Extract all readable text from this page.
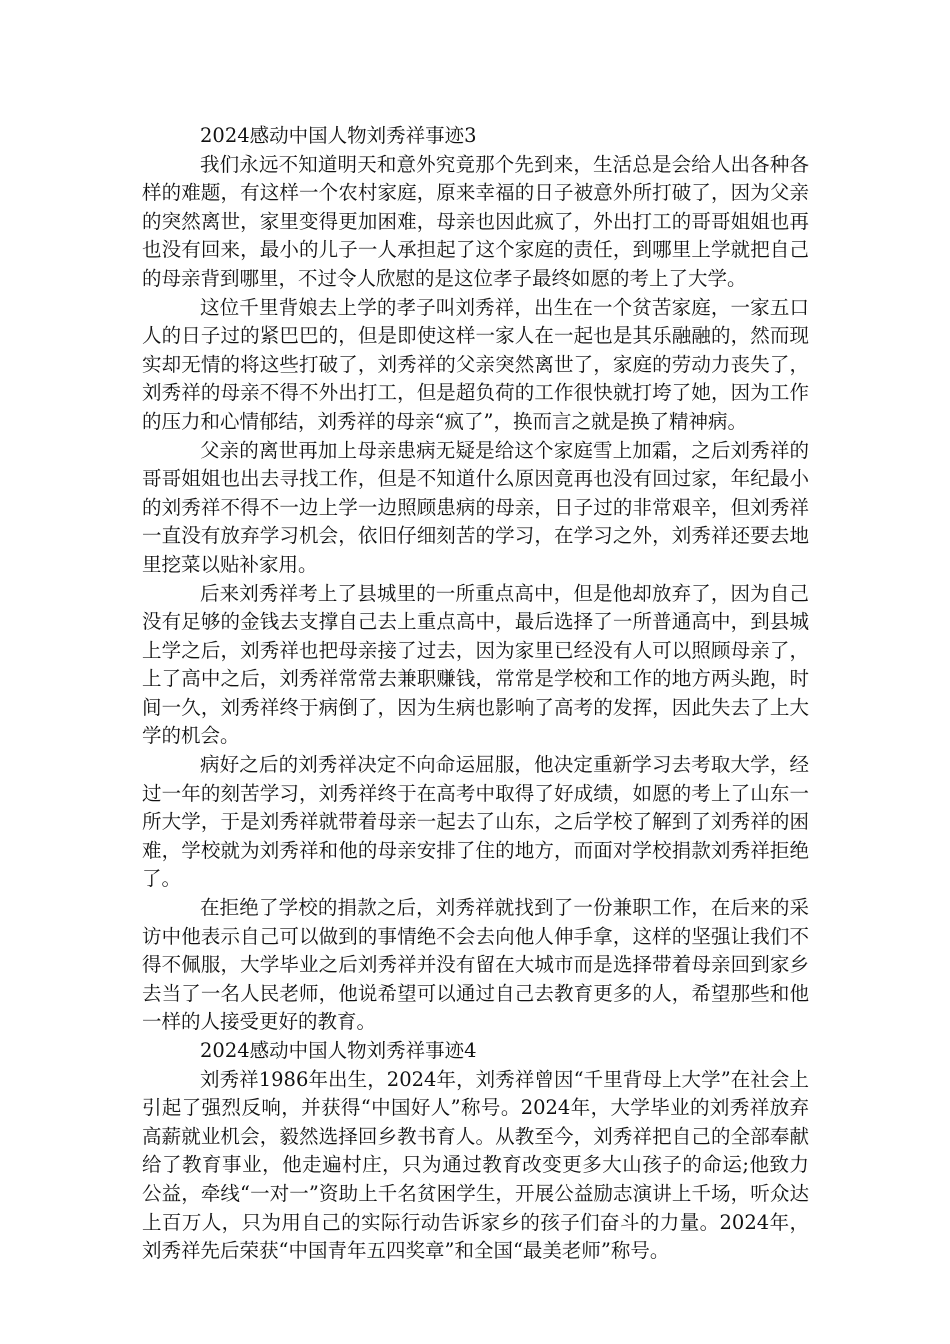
2024感动中国人物刘秀祥事迹3

我们永远不知道明天和意外究竟那个先到来，生活总是会给人出各种各样的难题，有这样一个农村家庭，原来幸福的日子被意外所打破了，因为父亲的突然离世，家里变得更加困难，母亲也因此疯了，外出打工的哥哥姐姐也再也没有回来，最小的儿子一人承担起了这个家庭的责任，到哪里上学就把自己的母亲背到哪里，不过令人欣慰的是这位孝子最终如愿的考上了大学。

这位千里背娘去上学的孝子叫刘秀祥，出生在一个贫苦家庭，一家五口人的日子过的紧巴巴的，但是即使这样一家人在一起也是其乐融融的，然而现实却无情的将这些打破了，刘秀祥的父亲突然离世了，家庭的劳动力丧失了，刘秀祥的母亲不得不外出打工，但是超负荷的工作很快就打垮了她，因为工作的压力和心情郁结，刘秀祥的母亲“疯了”，换而言之就是换了精神病。

父亲的离世再加上母亲患病无疑是给这个家庭雪上加霜，之后刘秀祥的哥哥姐姐也出去寻找工作，但是不知道什么原因竟再也没有回过家，年纪最小的刘秀祥不得不一边上学一边照顾患病的母亲，日子过的非常艰辛，但刘秀祥一直没有放弃学习机会，依旧仔细刻苦的学习，在学习之外，刘秀祥还要去地里挖菜以贴补家用。

后来刘秀祥考上了县城里的一所重点高中，但是他却放弃了，因为自己没有足够的金钱去支撑自己去上重点高中，最后选择了一所普通高中，到县城上学之后，刘秀祥也把母亲接了过去，因为家里已经没有人可以照顾母亲了，上了高中之后，刘秀祥常常去兼职赚钱，常常是学校和工作的地方两头跑，时间一久，刘秀祥终于病倒了，因为生病也影响了高考的发挥，因此失去了上大学的机会。

病好之后的刘秀祥决定不向命运屈服，他决定重新学习去考取大学，经过一年的刻苦学习，刘秀祥终于在高考中取得了好成绩，如愿的考上了山东一所大学，于是刘秀祥就带着母亲一起去了山东，之后学校了解到了刘秀祥的困难，学校就为刘秀祥和他的母亲安排了住的地方，而面对学校捐款刘秀祥拒绝了。

在拒绝了学校的捐款之后，刘秀祥就找到了一份兼职工作，在后来的采访中他表示自己可以做到的事情绝不会去向他人伸手拿，这样的坚强让我们不得不佩服，大学毕业之后刘秀祥并没有留在大城市而是选择带着母亲回到家乡去当了一名人民老师，他说希望可以通过自己去教育更多的人，希望那些和他一样的人接受更好的教育。

2024感动中国人物刘秀祥事迹4

刘秀祥1986年出生，2024年，刘秀祥曾因“千里背母上大学”在社会上引起了强烈反响，并获得“中国好人”称号。2024年，大学毕业的刘秀祥放弃高薪就业机会，毅然选择回乡教书育人。从教至今，刘秀祥把自己的全部奉献给了教育事业，他走遍村庄，只为通过教育改变更多大山孩子的命运;他致力公益，牵线“一对一”资助上千名贫困学生，开展公益励志演讲上千场，听众达上百万人，只为用自己的实际行动告诉家乡的孩子们奋斗的力量。2024年，刘秀祥先后荣获“中国青年五四奖章”和全国“最美老师”称号。
